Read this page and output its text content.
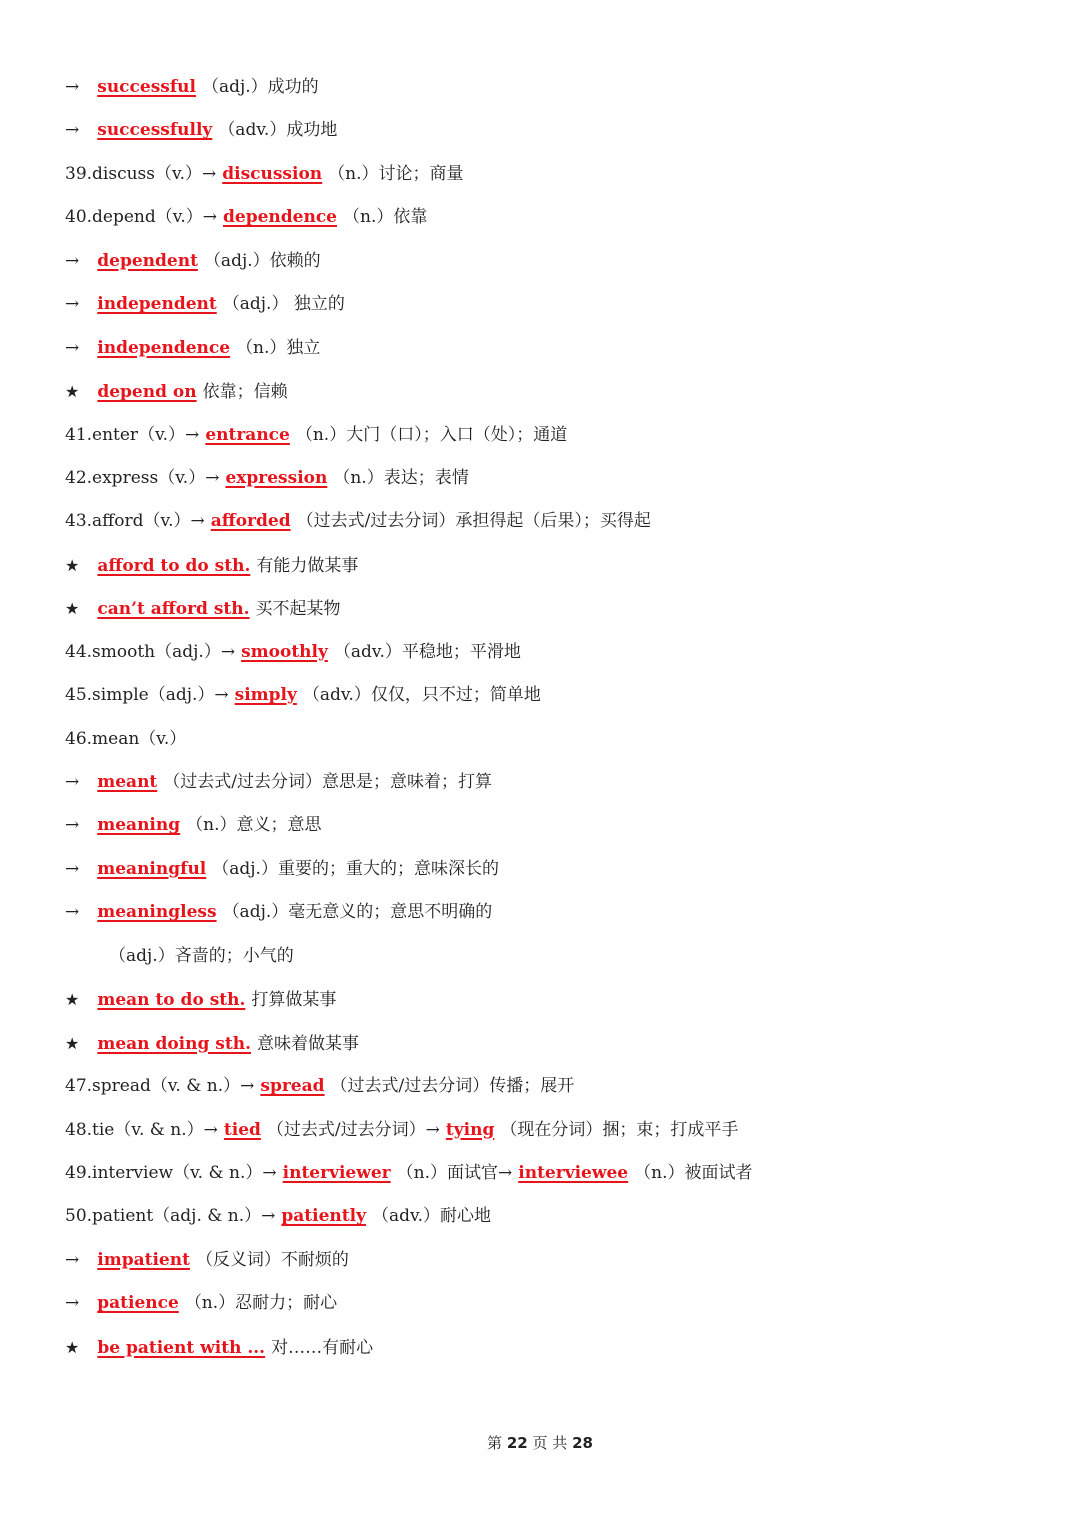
→ successful （adj.）成功的
→ successfully （adv.）成功地
39.discuss（v.）→ discussion （n.）讨论；商量
40.depend（v.）→ dependence （n.）依靠
→ dependent （adj.）依赖的
→ independent （adj.） 独立的
→ independence （n.）独立
★ depend on 依靠；信赖
41.enter（v.）→ entrance （n.）大门（口）；入口（处）；通道
42.express（v.）→ expression （n.）表达；表情
43.afford（v.）→ afforded （过去式/过去分词）承担得起（后果）；买得起
★ afford to do sth. 有能力做某事
★ can’t afford sth. 买不起某物
44.smooth（adj.）→ smoothly （adv.）平稳地；平滑地
45.simple（adj.）→ simply （adv.）仅仅，只不过；简单地
46.mean（v.）
→ meant （过去式/过去分词）意思是；意味着；打算
→ meaning （n.）意义；意思
→ meaningful （adj.）重要的；重大的；意味深长的
→ meaningless （adj.）毫无意义的；意思不明确的
（adj.）吝啬的；小气的
★ mean to do sth. 打算做某事
★ mean doing sth. 意味着做某事
47.spread（v. & n.）→ spread （过去式/过去分词）传播；展开
48.tie（v. & n.）→ tied （过去式/过去分词）→ tying （现在分词）捆；束；打成平手
49.interview（v. & n.）→ interviewer （n.）面试官→ interviewee （n.）被面试者
50.patient（adj. & n.）→ patiently （adv.）耐心地
→ impatient （反义词）不耐烦的
→ patience （n.）忍耐力；耐心
★ be patient with ... 对……有耐心
第 22 页 共 28
